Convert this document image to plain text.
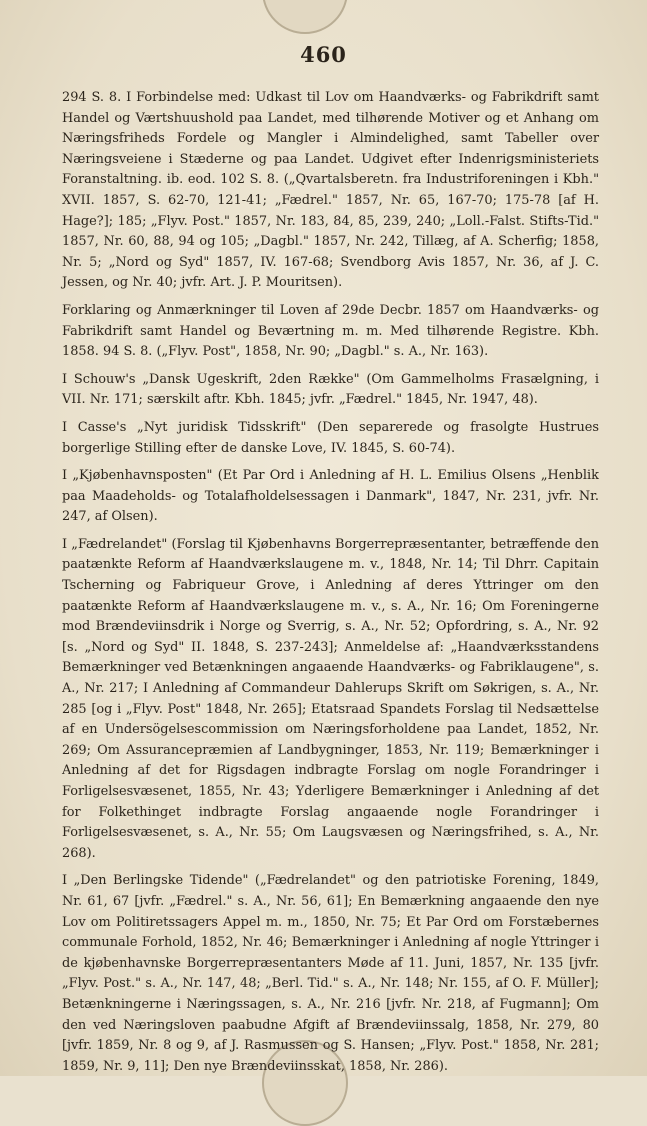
460

294 S. 8. I Forbindelse med: Udkast til Lov om Haandværks- og Fabrikdrift samt Handel og Værtshuushold paa Landet, med tilhørende Motiver og et Anhang om Næringsfriheds Fordele og Mangler i Almindelighed, samt Tabeller over Næringsveiene i Stæderne og paa Landet. Udgivet efter Indenrigsministeriets Foranstaltning. ib. eod. 102 S. 8. („Qvartalsberetn. fra Industriforeningen i Kbh." XVII. 1857, S. 62-70, 121-41; „Fædrel." 1857, Nr. 65, 167-70; 175-78 [af H. Hage?]; 185; „Flyv. Post." 1857, Nr. 183, 84, 85, 239, 240; „Loll.-Falst. Stifts-Tid." 1857, Nr. 60, 88, 94 og 105; „Dagbl." 1857, Nr. 242, Tillæg, af A. Scherfig; 1858, Nr. 5; „Nord og Syd" 1857, IV. 167-68; Svendborg Avis 1857, Nr. 36, af J. C. Jessen, og Nr. 40; jvfr. Art. J. P. Mouritsen).

Forklaring og Anmærkninger til Loven af 29de Decbr. 1857 om Haandværks- og Fabrikdrift samt Handel og Beværtning m. m. Med tilhørende Registre. Kbh. 1858. 94 S. 8. („Flyv. Post", 1858, Nr. 90; „Dagbl." s. A., Nr. 163).

I Schouw's „Dansk Ugeskrift, 2den Række" (Om Gammelholms Frasælgning, i VII. Nr. 171; særskilt aftr. Kbh. 1845; jvfr. „Fædrel." 1845, Nr. 1947, 48).

I Casse's „Nyt juridisk Tidsskrift" (Den separerede og frasolgte Hustrues borgerlige Stilling efter de danske Love, IV. 1845, S. 60-74).

I „Kjøbenhavnsposten" (Et Par Ord i Anledning af H. L. Emilius Olsens „Henblik paa Maadeholds- og Totalafholdelsessagen i Danmark", 1847, Nr. 231, jvfr. Nr. 247, af Olsen).

I „Fædrelandet" (Forslag til Kjøbenhavns Borgerrepræsentanter, betræffende den paatænkte Reform af Haandværkslaugene m. v., 1848, Nr. 14; Til Dhrr. Capitain Tscherning og Fabriqueur Grove, i Anledning af deres Yttringer om den paatænkte Reform af Haandværkslaugene m. v., s. A., Nr. 16; Om Foreningerne mod Brændeviinsdrik i Norge og Sverrig, s. A., Nr. 52; Opfordring, s. A., Nr. 92 [s. „Nord og Syd" II. 1848, S. 237-243]; Anmeldelse af: „Haandværksstandens Bemærkninger ved Betænkningen angaaende Haandværks- og Fabriklaugene", s. A., Nr. 217; I Anledning af Commandeur Dahlerups Skrift om Søkrigen, s. A., Nr. 285 [og i „Flyv. Post" 1848, Nr. 265]; Etatsraad Spandets Forslag til Nedsættelse af en Undersögelsescommission om Næringsforholdene paa Landet, 1852, Nr. 269; Om Assurancepræmien af Landbygninger, 1853, Nr. 119; Bemærkninger i Anledning af det for Rigsdagen indbragte Forslag om nogle Forandringer i Forligelsesvæsenet, 1855, Nr. 43; Yderligere Bemærkninger i Anledning af det for Folkethinget indbragte Forslag angaaende nogle Forandringer i Forligelsesvæsenet, s. A., Nr. 55; Om Laugsvæsen og Næringsfrihed, s. A., Nr. 268).

I „Den Berlingske Tidende" („Fædrelandet" og den patriotiske Forening, 1849, Nr. 61, 67 [jvfr. „Fædrel." s. A., Nr. 56, 61]; En Bemærkning angaaende den nye Lov om Politiretssagers Appel m. m., 1850, Nr. 75; Et Par Ord om Forstæbernes communale Forhold, 1852, Nr. 46; Bemærkninger i Anledning af nogle Yttringer i de kjøbenhavnske Borgerrepræsentanters Møde af 11. Juni, 1857, Nr. 135 [jvfr. „Flyv. Post." s. A., Nr. 147, 48; „Berl. Tid." s. A., Nr. 148; Nr. 155, af O. F. Müller]; Betænkningerne i Næringssagen, s. A., Nr. 216 [jvfr. Nr. 218, af Fugmann]; Om den ved Næringsloven paabudne Afgift af Brændeviinssalg, 1858, Nr. 279, 80 [jvfr. 1859, Nr. 8 og 9, af J. Rasmussen og S. Hansen; „Flyv. Post." 1858, Nr. 281; 1859, Nr. 9, 11]; Den nye Brændeviinsskat, 1858, Nr. 286).
